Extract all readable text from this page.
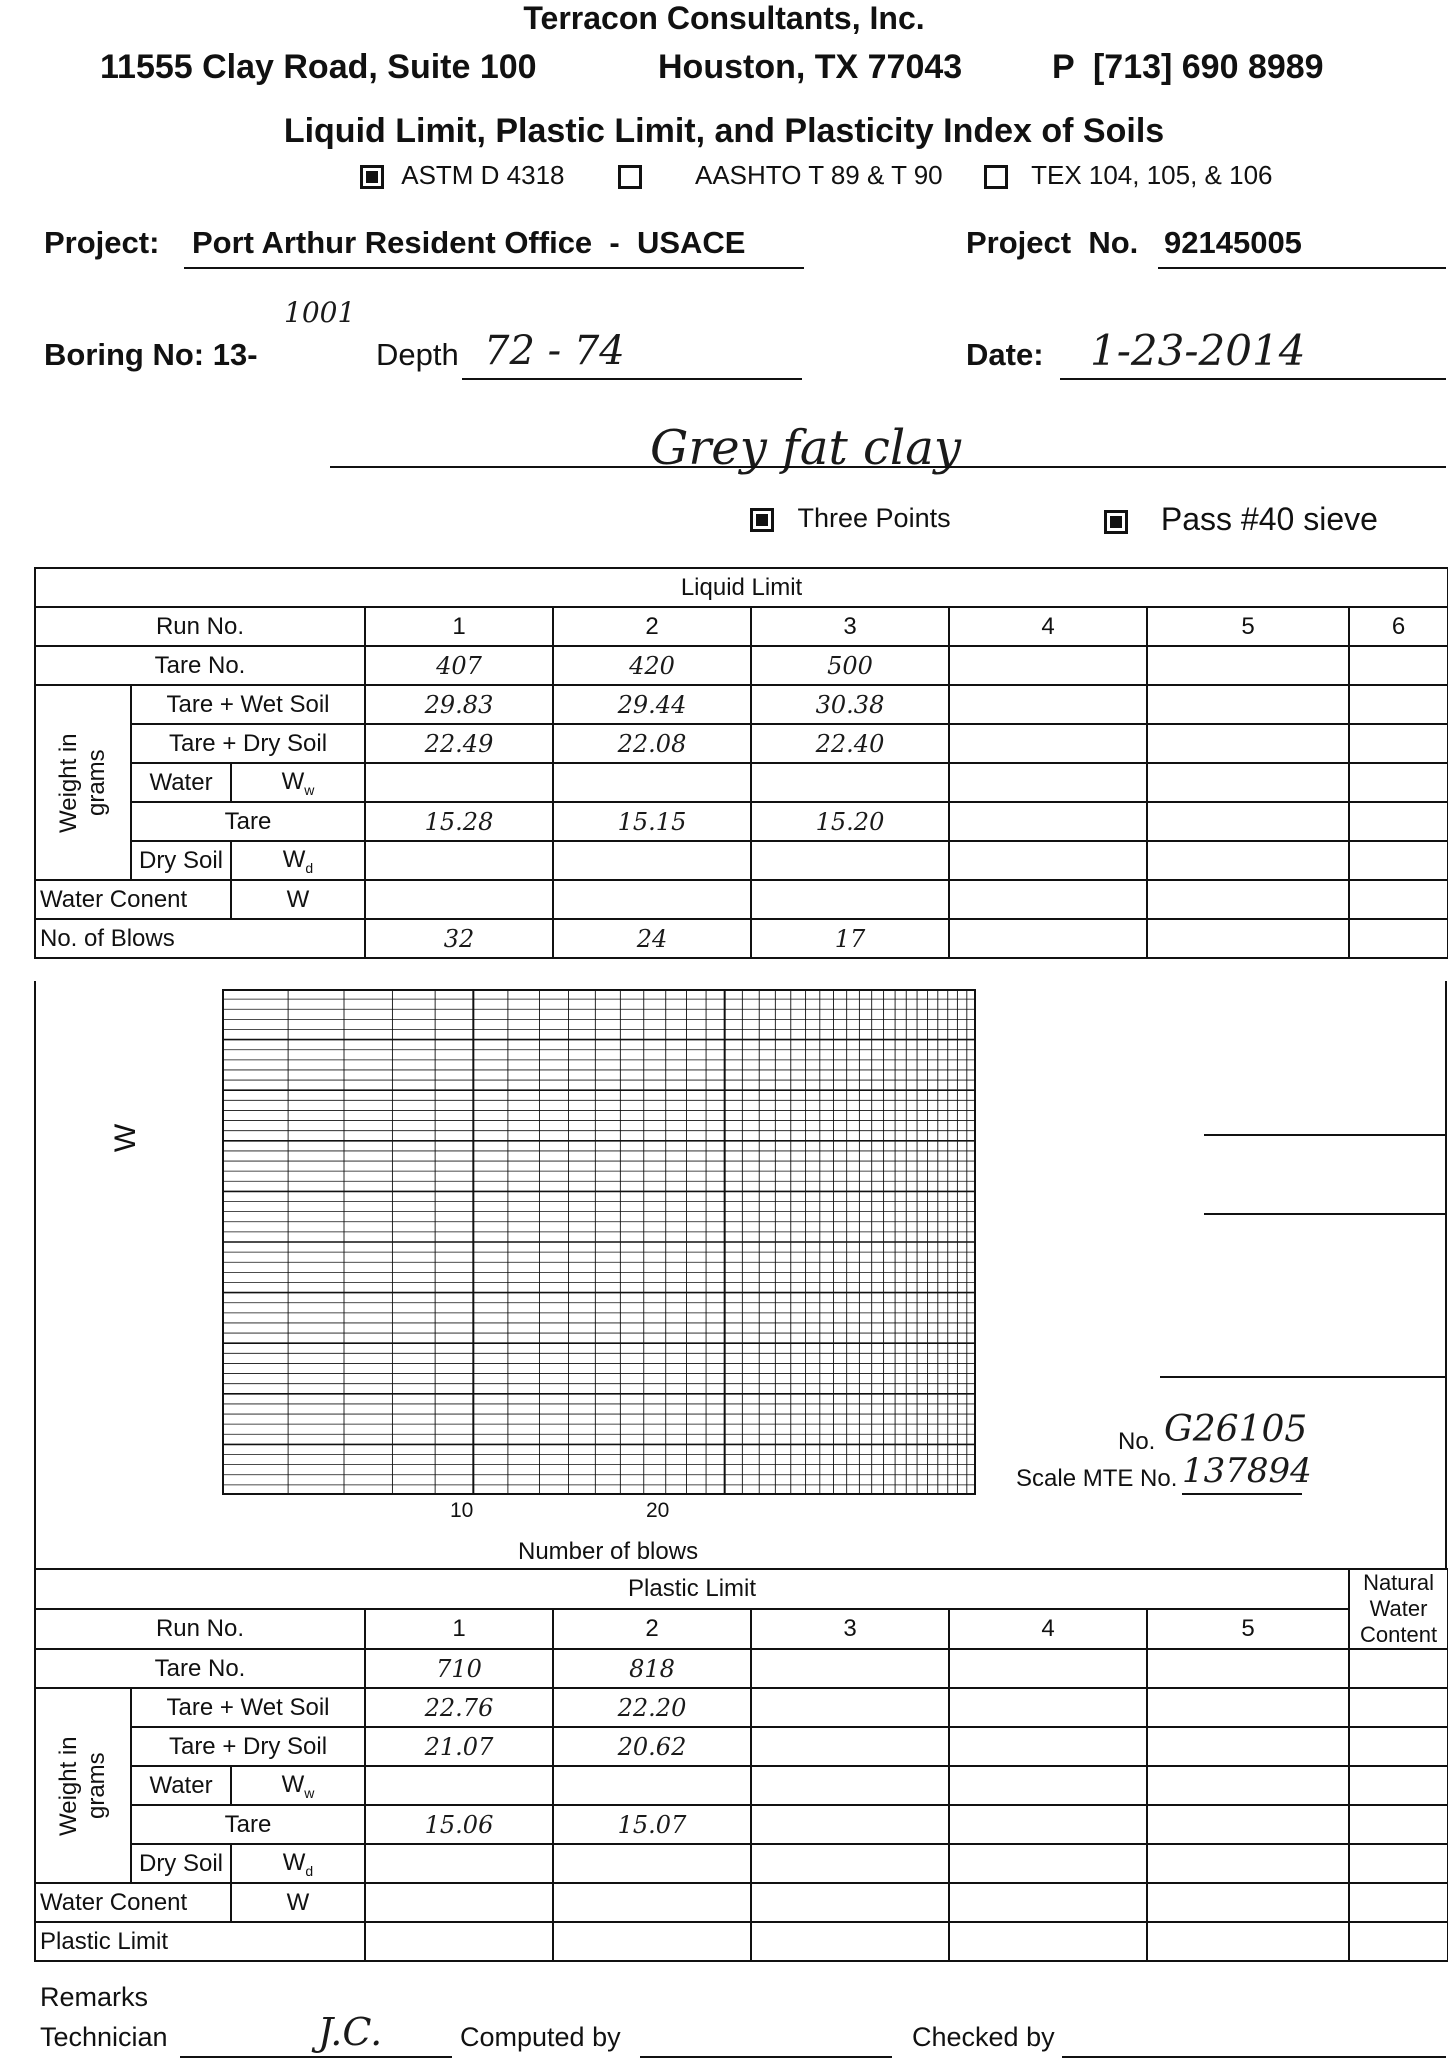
Terracon Consultants, Inc.
11555 Clay Road, Suite 100	Houston, TX 77043	P  [713] 690 8989
Liquid Limit, Plastic Limit, and Plasticity Index of Soils
ASTM D 4318	AASHTO T 89 & T 90	TEX 104, 105, & 106
Project: Port Arthur Resident Office  -  USACE	Project  No. 92145005
Boring No: 13-
1001
Depth 72 - 74	Date: 1-23-2014
Grey fat clay
Three Points	Pass #40 sieve
Liquid Limit								
Run No.			1	2	3	4	5	6
Tare No.			407	420	500			

Weight in grams	Tare + Wet Soil		29.83	29.44	30.38			
	Tare + Dry Soil		22.49	22.08	22.40			
	Water	$W_w$						
	Tare		15.28	15.15	15.20			
	Dry Soil	$W_d$						
Water Conent		W						
No. of Blows			32	24	17			
W
10	20
Number of blows
No. G26105
Scale MTE No. 137894
Plastic Limit								Natural Water Content
Run No.			1	2	3	4	5	
Tare No.			710	818				

Weight in grams	Tare + Wet Soil		22.76	22.20				
	Tare + Dry Soil		21.07	20.62				
	Water	$W_w$						
	Tare		15.06	15.07				
	Dry Soil	$W_d$						
Water Conent		W						
Plastic Limit								
Remarks
Technician	J.C.	Computed by	Checked by
